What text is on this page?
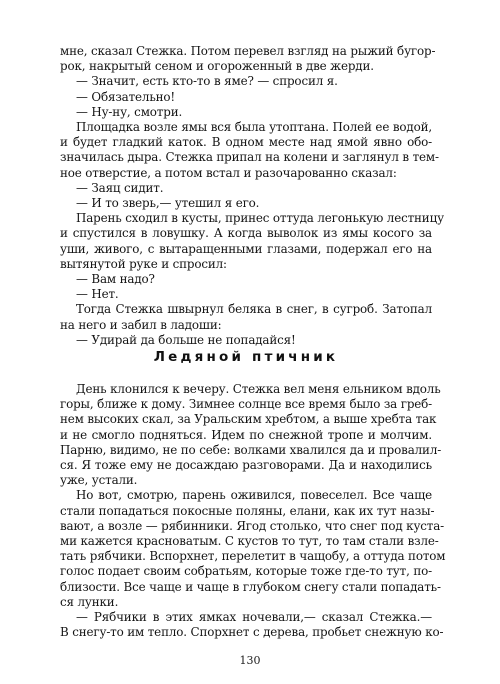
мне, сказал Стежка. Потом перевел взгляд на рыжий бугор-
рок, накрытый сеном и огороженный в две жерди.
— Значит, есть кто-то в яме? — спросил я.
— Обязательно!
— Ну-ну, смотри.
Площадка возле ямы вся была утоптана. Полей ее водой,
и будет гладкий каток. В одном месте над ямой явно обо-
значилась дыра. Стежка припал на колени и заглянул в тем-
ное отверстие, а потом встал и разочарованно сказал:
— Заяц сидит.
— И то зверь,— утешил я его.
Парень сходил в кусты, принес оттуда легонькую лестницу
и спустился в ловушку. А когда выволок из ямы косого за
уши, живого, с вытаращенными глазами, подержал его на
вытянутой руке и спросил:
— Вам надо?
— Нет.
Тогда Стежка швырнул беляка в снег, в сугроб. Затопал
на него и забил в ладоши:
— Удирай да больше не попадайся!
Ледяной птичник
День клонился к вечеру. Стежка вел меня ельником вдоль
горы, ближе к дому. Зимнее солнце все время было за греб-
нем высоких скал, за Уральским хребтом, а выше хребта так
и не смогло подняться. Идем по снежной тропе и молчим.
Парню, видимо, не по себе: волками хвалился да и провалил-
ся. Я тоже ему не досаждаю разговорами. Да и находились
уже, устали.
Но вот, смотрю, парень оживился, повеселел. Все чаще
стали попадаться покосные поляны, елани, как их тут назы-
вают, а возле — рябинники. Ягод столько, что снег под куста-
ми кажется красноватым. С кустов то тут, то там стали взле-
тать рябчики. Вспорхнет, перелетит в чащобу, а оттуда потом
голос подает своим собратьям, которые тоже где-то тут, по-
близости. Все чаще и чаще в глубоком снегу стали попадать-
ся лунки.
— Рябчики в этих ямках ночевали,— сказал Стежка.—
В снегу-то им тепло. Спорхнет с дерева, пробьет снежную ко-
130
